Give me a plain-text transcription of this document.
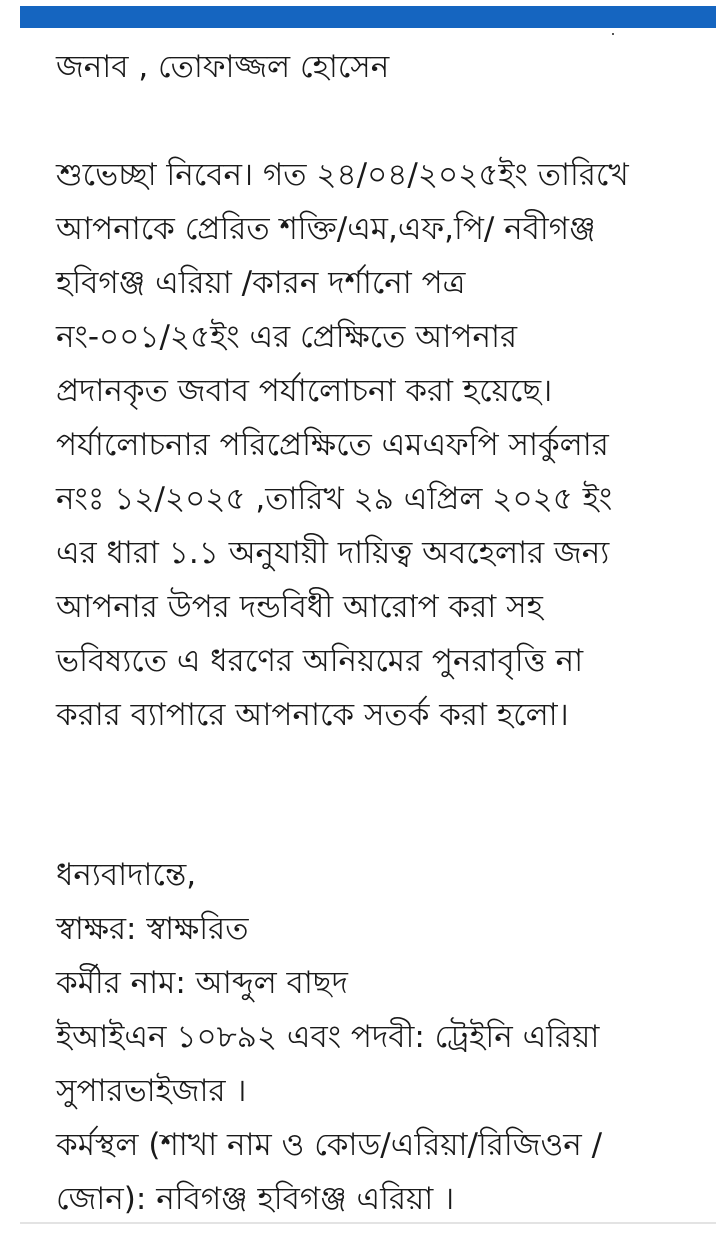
জনাব , তোফাজ্জল হোসেন

শুভেচ্ছা নিবেন। গত ২৪/০৪/২০২৫ইং তারিখে

আপনাকে প্রেরিত শক্তি/এম,এফ,পি/ নবীগঞ্জ

হবিগঞ্জ এরিয়া /কারন দর্শানো পত্র

নং-০০১/২৫ইং এর প্রেক্ষিতে আপনার

প্রদানকৃত জবাব পর্যালোচনা করা হয়েছে।

পর্যালোচনার পরিপ্রেক্ষিতে এমএফপি সার্কুলার

নংঃ ১২/২০২৫ ,তারিখ ২৯ এপ্রিল ২০২৫ ইং

এর ধারা ১.১ অনুযায়ী দায়িত্ব অবহেলার জন্য

আপনার উপর দন্ডবিধী আরোপ করা সহ

ভবিষ্যতে এ ধরণের অনিয়মের পুনরাবৃত্তি না

করার ব্যাপারে আপনাকে সতর্ক করা হলো।

ধন্যবাদান্তে,

স্বাক্ষর: স্বাক্ষরিত

কর্মীর নাম: আব্দুল বাছদ

ইআইএন ১০৮৯২ এবং পদবী: ট্রেইনি এরিয়া

সুপারভাইজার ।

কর্মস্থল (শাখা নাম ও কোড/এরিয়া/রিজিওন /

জোন): নবিগঞ্জ হবিগঞ্জ এরিয়া ।
